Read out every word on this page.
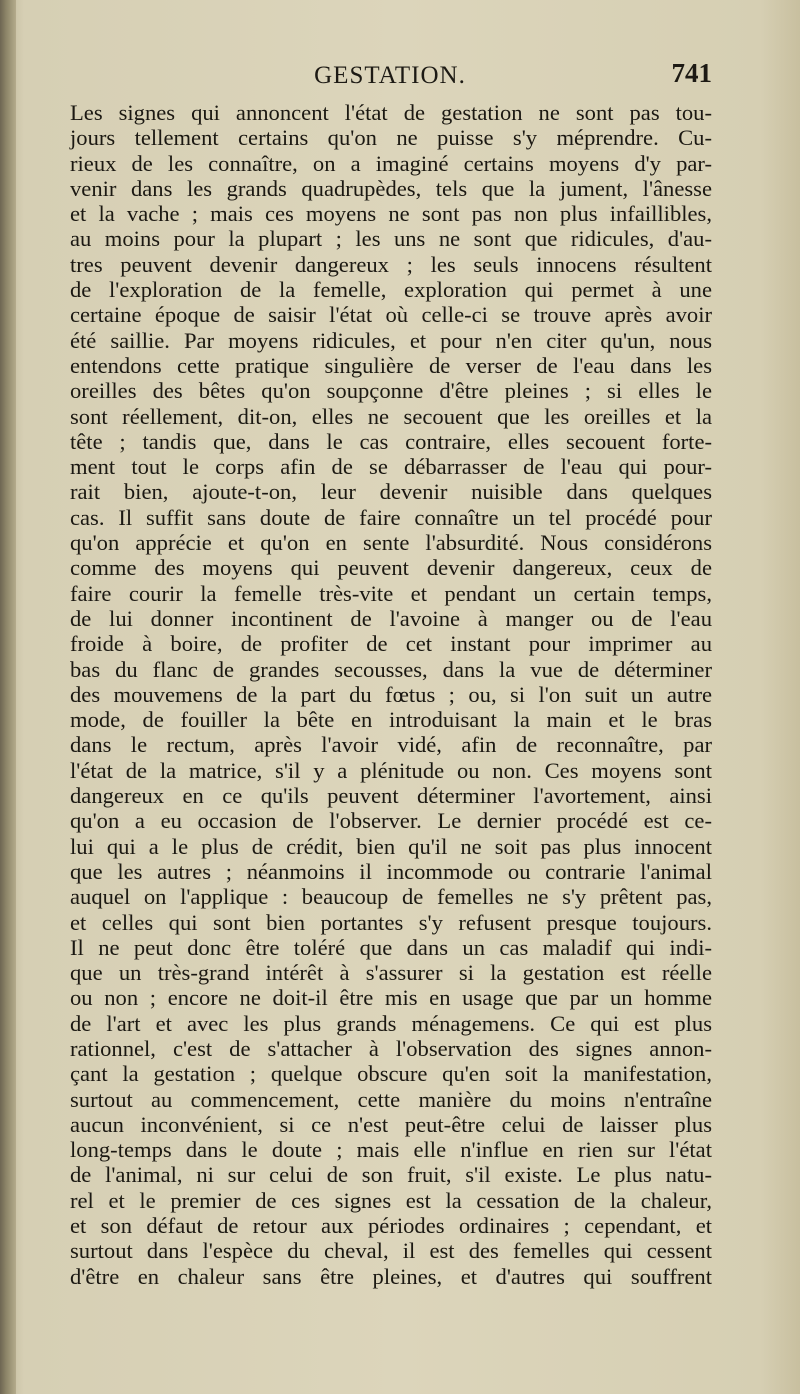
GESTATION.	741
Les signes qui annoncent l'état de gestation ne sont pas tou-
jours tellement certains qu'on ne puisse s'y méprendre. Cu-
rieux de les connaître, on a imaginé certains moyens d'y par-
venir dans les grands quadrupèdes, tels que la jument, l'ânesse
et la vache ; mais ces moyens ne sont pas non plus infaillibles,
au moins pour la plupart ; les uns ne sont que ridicules, d'au-
tres peuvent devenir dangereux ; les seuls innocens résultent
de l'exploration de la femelle, exploration qui permet à une
certaine époque de saisir l'état où celle-ci se trouve après avoir
été saillie. Par moyens ridicules, et pour n'en citer qu'un, nous
entendons cette pratique singulière de verser de l'eau dans les
oreilles des bêtes qu'on soupçonne d'être pleines ; si elles le
sont réellement, dit-on, elles ne secouent que les oreilles et la
tête ; tandis que, dans le cas contraire, elles secouent forte-
ment tout le corps afin de se débarrasser de l'eau qui pour-
rait bien, ajoute-t-on, leur devenir nuisible dans quelques
cas. Il suffit sans doute de faire connaître un tel procédé pour
qu'on apprécie et qu'on en sente l'absurdité. Nous considérons
comme des moyens qui peuvent devenir dangereux, ceux de
faire courir la femelle très-vite et pendant un certain temps,
de lui donner incontinent de l'avoine à manger ou de l'eau
froide à boire, de profiter de cet instant pour imprimer au
bas du flanc de grandes secousses, dans la vue de déterminer
des mouvemens de la part du fœtus ; ou, si l'on suit un autre
mode, de fouiller la bête en introduisant la main et le bras
dans le rectum, après l'avoir vidé, afin de reconnaître, par
l'état de la matrice, s'il y a plénitude ou non. Ces moyens sont
dangereux en ce qu'ils peuvent déterminer l'avortement, ainsi
qu'on a eu occasion de l'observer. Le dernier procédé est ce-
lui qui a le plus de crédit, bien qu'il ne soit pas plus innocent
que les autres ; néanmoins il incommode ou contrarie l'animal
auquel on l'applique : beaucoup de femelles ne s'y prêtent pas,
et celles qui sont bien portantes s'y refusent presque toujours.
Il ne peut donc être toléré que dans un cas maladif qui indi-
que un très-grand intérêt à s'assurer si la gestation est réelle
ou non ; encore ne doit-il être mis en usage que par un homme
de l'art et avec les plus grands ménagemens. Ce qui est plus
rationnel, c'est de s'attacher à l'observation des signes annon-
çant la gestation ; quelque obscure qu'en soit la manifestation,
surtout au commencement, cette manière du moins n'entraîne
aucun inconvénient, si ce n'est peut-être celui de laisser plus
long-temps dans le doute ; mais elle n'influe en rien sur l'état
de l'animal, ni sur celui de son fruit, s'il existe. Le plus natu-
rel et le premier de ces signes est la cessation de la chaleur,
et son défaut de retour aux périodes ordinaires ; cependant, et
surtout dans l'espèce du cheval, il est des femelles qui cessent
d'être en chaleur sans être pleines, et d'autres qui souffrent
